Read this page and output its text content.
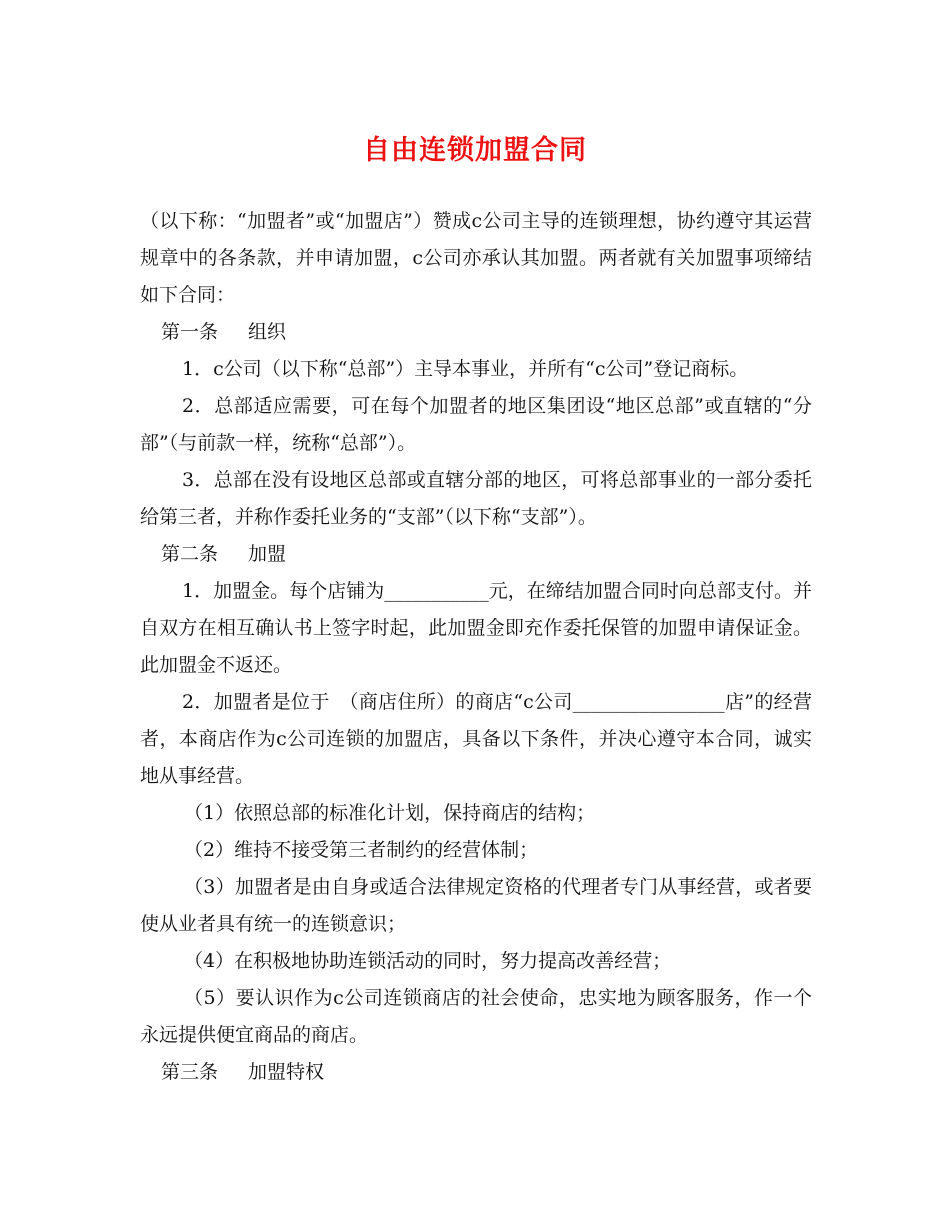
自由连锁加盟合同

（以下称：“加盟者”或“加盟店”）赞成c公司主导的连锁理想，协约遵守其运营规章中的各条款，并申请加盟，c公司亦承认其加盟。两者就有关加盟事项缔结如下合同：

第一条 组织

1．c公司（以下称“总部”）主导本事业，并所有“c公司”登记商标。

2．总部适应需要，可在每个加盟者的地区集团设“地区总部”或直辖的“分部”（与前款一样，统称“总部”）。

3．总部在没有设地区总部或直辖分部的地区，可将总部事业的一部分委托给第三者，并称作委托业务的“支部”（以下称“支部”）。

第二条 加盟

1．加盟金。每个店铺为___________元，在缔结加盟合同时向总部支付。并自双方在相互确认书上签字时起，此加盟金即充作委托保管的加盟申请保证金。此加盟金不返还。

2．加盟者是位于　（商店住所）的商店“c公司________________店”的经营者，本商店作为c公司连锁的加盟店，具备以下条件，并决心遵守本合同，诚实地从事经营。

（1）依照总部的标准化计划，保持商店的结构；

（2）维持不接受第三者制约的经营体制；

（3）加盟者是由自身或适合法律规定资格的代理者专门从事经营，或者要使从业者具有统一的连锁意识；

（4）在积极地协助连锁活动的同时，努力提高改善经营；

（5）要认识作为c公司连锁商店的社会使命，忠实地为顾客服务，作一个永远提供便宜商品的商店。

第三条 加盟特权
